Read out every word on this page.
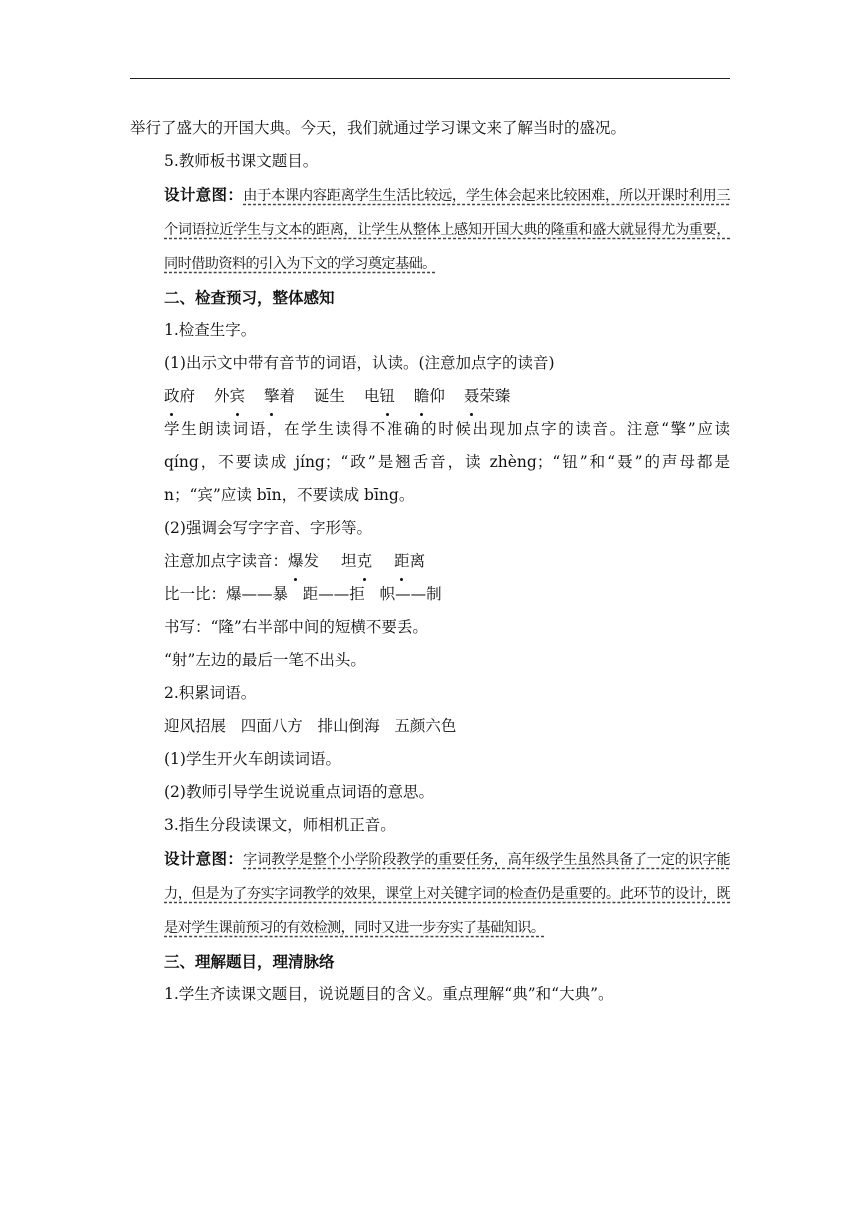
举行了盛大的开国大典。今天，我们就通过学习课文来了解当时的盛况。

5.教师板书课文题目。

设计意图：由于本课内容距离学生生活比较远，学生体会起来比较困难，所以开课时利用三个词语拉近学生与文本的距离，让学生从整体上感知开国大典的隆重和盛大就显得尤为重要，同时借助资料的引入为下文的学习奠定基础。

二、检查预习，整体感知

1.检查生字。

(1)出示文中带有音节的词语，认读。(注意加点字的读音)

政府 外宾 擎着 诞生 电钮 瞻仰 聂荣臻

学生朗读词语，在学生读得不准确的时候出现加点字的读音。注意“擎”应读 qíng，不要读成 jíng；“政”是翘舌音，读 zhèng；“钮”和“聂”的声母都是 n；“宾”应读 bīn，不要读成 bīng。

(2)强调会写字字音、字形等。

注意加点字读音：爆发 坦克 距离

比一比：爆——暴   距——拒   帜——制

书写：“隆”右半部中间的短横不要丢。

“射”左边的最后一笔不出头。

2.积累词语。

迎风招展   四面八方   排山倒海   五颜六色

(1)学生开火车朗读词语。

(2)教师引导学生说说重点词语的意思。

3.指生分段读课文，师相机正音。

设计意图：字词教学是整个小学阶段教学的重要任务，高年级学生虽然具备了一定的识字能力，但是为了夯实字词教学的效果，课堂上对关键字词的检查仍是重要的。此环节的设计，既是对学生课前预习的有效检测，同时又进一步夯实了基础知识。

三、理解题目，理清脉络

1.学生齐读课文题目，说说题目的含义。重点理解“典”和“大典”。
